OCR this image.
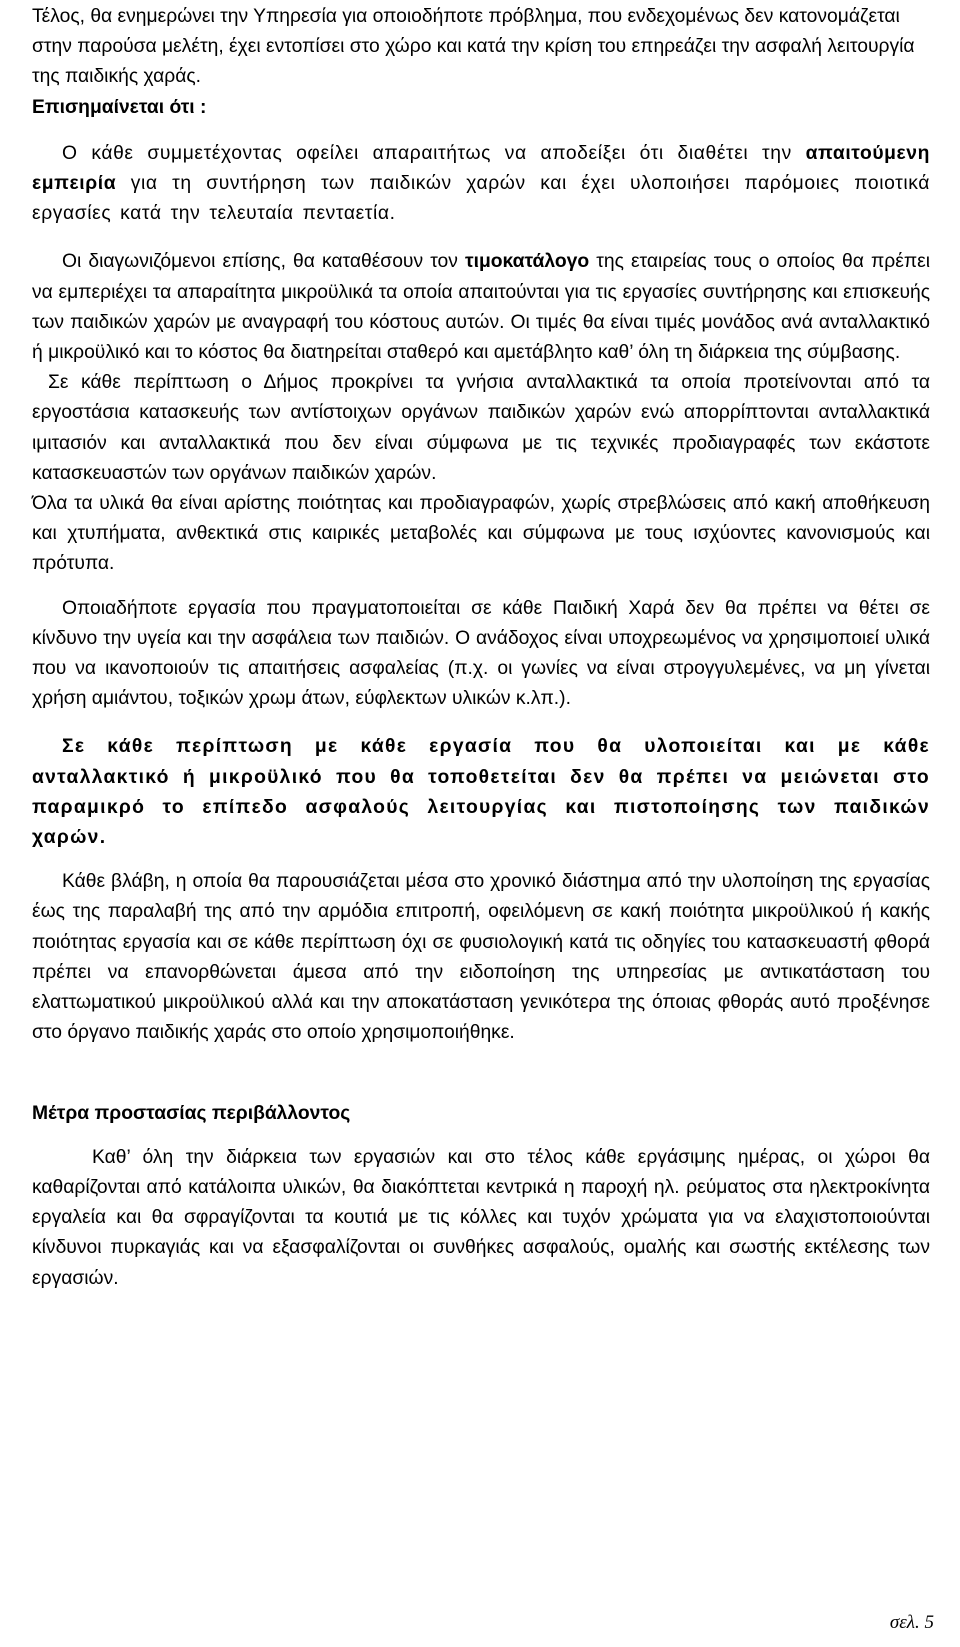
Τέλος, θα ενημερώνει την Υπηρεσία για οποιοδήποτε πρόβλημα, που ενδεχομένως δεν κατονομάζεται στην παρούσα μελέτη, έχει εντοπίσει στο χώρο και κατά την κρίση του επηρεάζει την ασφαλή λειτουργία της παιδικής χαράς.
Επισημαίνεται ότι :

Ο κάθε συμμετέχοντας οφείλει απαραιτήτως να αποδείξει ότι διαθέτει την απαιτούμενη εμπειρία για τη συντήρηση των παιδικών χαρών και έχει υλοποιήσει παρόμοιες ποιοτικά εργασίες κατά την τελευταία πενταετία.

Οι διαγωνιζόμενοι επίσης, θα καταθέσουν τον τιμοκατάλογο της εταιρείας τους ο οποίος θα πρέπει να εμπεριέχει τα απαραίτητα μικροϋλικά τα οποία απαιτούνται για τις εργασίες συντήρησης και επισκευής των παιδικών χαρών με αναγραφή του κόστους αυτών. Οι τιμές θα είναι τιμές μονάδος ανά ανταλλακτικό ή μικροϋλικό και το κόστος θα διατηρείται σταθερό και αμετάβλητο καθ’ όλη τη διάρκεια της σύμβασης.

Σε κάθε περίπτωση ο Δήμος προκρίνει τα γνήσια ανταλλακτικά τα οποία προτείνονται από τα εργοστάσια κατασκευής των αντίστοιχων οργάνων παιδικών χαρών ενώ απορρίπτονται ανταλλακτικά ιμιτασιόν και ανταλλακτικά που δεν είναι σύμφωνα με τις τεχνικές προδιαγραφές των εκάστοτε κατασκευαστών των οργάνων παιδικών χαρών.

Όλα τα υλικά θα είναι αρίστης ποιότητας και προδιαγραφών, χωρίς στρεβλώσεις από κακή αποθήκευση και χτυπήματα, ανθεκτικά στις καιρικές μεταβολές και σύμφωνα με τους ισχύοντες κανονισμούς και πρότυπα.

Οποιαδήποτε εργασία που πραγματοποιείται σε κάθε Παιδική Χαρά δεν θα πρέπει να θέτει σε κίνδυνο την υγεία και την ασφάλεια των παιδιών. Ο ανάδοχος είναι υποχρεωμένος να χρησιμοποιεί υλικά που να ικανοποιούν τις απαιτήσεις ασφαλείας (π.χ. οι γωνίες να είναι στρογγυλεμένες, να μη γίνεται χρήση αμιάντου, τοξικών χρωμ άτων, εύφλεκτων υλικών κ.λπ.).

Σε κάθε περίπτωση με κάθε εργασία που θα υλοποιείται και με κάθε ανταλλακτικό ή μικροϋλικό που θα τοποθετείται δεν θα πρέπει να μειώνεται στο παραμικρό το επίπεδο ασφαλούς λειτουργίας και πιστοποίησης των παιδικών χαρών.

Κάθε βλάβη, η οποία θα παρουσιάζεται μέσα στο χρονικό διάστημα από την υλοποίηση της εργασίας έως της παραλαβή της από την αρμόδια επιτροπή, οφειλόμενη σε κακή ποιότητα μικροϋλικού ή κακής ποιότητας εργασία και σε κάθε περίπτωση όχι σε φυσιολογική κατά τις οδηγίες του κατασκευαστή φθορά πρέπει να επανορθώνεται άμεσα από την ειδοποίηση της υπηρεσίας με αντικατάσταση του ελαττωματικού μικροϋλικού αλλά και την αποκατάσταση γενικότερα της όποιας φθοράς αυτό προξένησε στο όργανο παιδικής χαράς στο οποίο χρησιμοποιήθηκε.

Μέτρα προστασίας περιβάλλοντος

Καθ’ όλη την διάρκεια των εργασιών και στο τέλος κάθε εργάσιμης ημέρας, οι χώροι θα καθαρίζονται από κατάλοιπα υλικών, θα διακόπτεται κεντρικά η παροχή ηλ. ρεύματος στα ηλεκτροκίνητα εργαλεία και θα σφραγίζονται τα κουτιά με τις κόλλες και τυχόν χρώματα για να ελαχιστοποιούνται κίνδυνοι πυρκαγιάς και να εξασφαλίζονται οι συνθήκες ασφαλούς, ομαλής και σωστής εκτέλεσης των εργασιών.

σελ. 5
